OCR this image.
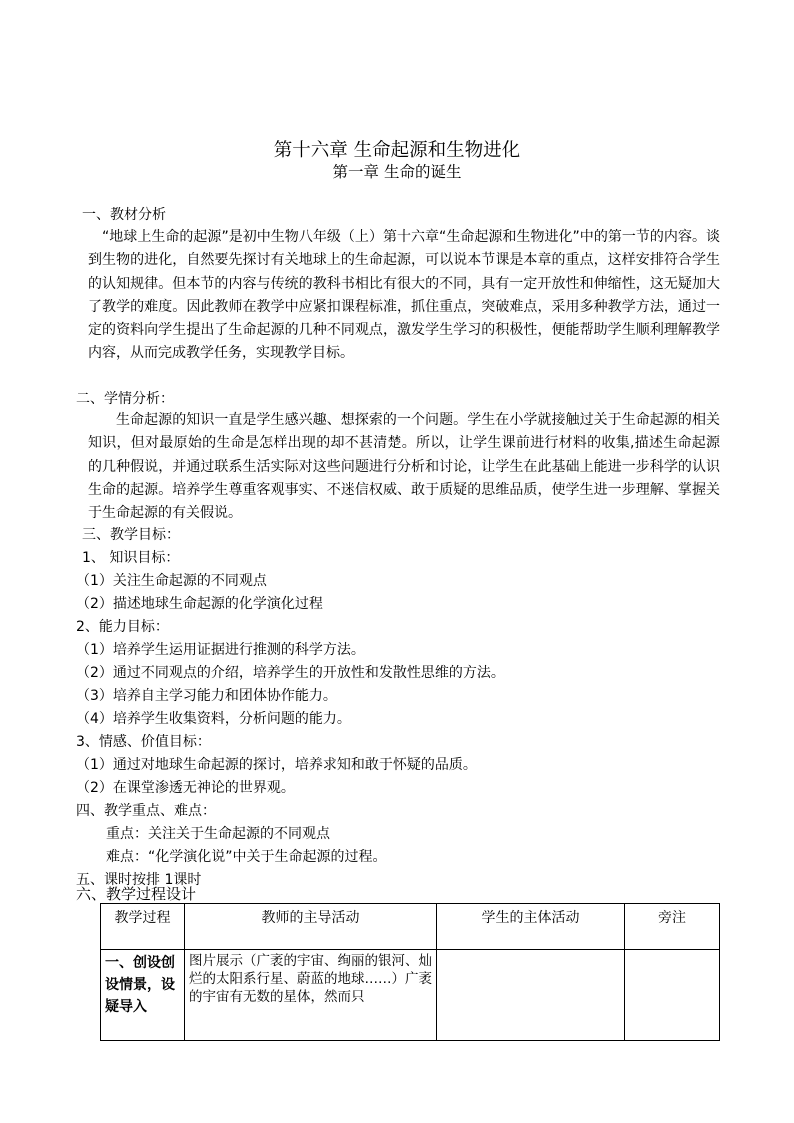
第十六章 生命起源和生物进化
第一章 生命的诞生
一、教材分析
“地球上生命的起源”是初中生物八年级（上）第十六章“生命起源和生物进化”中的第一节的内容。谈到生物的进化，自然要先探讨有关地球上的生命起源，可以说本节课是本章的重点，这样安排符合学生的认知规律。但本节的内容与传统的教科书相比有很大的不同，具有一定开放性和伸缩性，这无疑加大了教学的难度。因此教师在教学中应紧扣课程标准，抓住重点，突破难点，采用多种教学方法，通过一定的资料向学生提出了生命起源的几种不同观点，激发学生学习的积极性，便能帮助学生顺利理解教学内容，从而完成教学任务，实现教学目标。
二、学情分析：
生命起源的知识一直是学生感兴趣、想探索的一个问题。学生在小学就接触过关于生命起源的相关知识，但对最原始的生命是怎样出现的却不甚清楚。所以，让学生课前进行材料的收集,描述生命起源的几种假说，并通过联系生活实际对这些问题进行分析和讨论，让学生在此基础上能进一步科学的认识生命的起源。培养学生尊重客观事实、不迷信权威、敢于质疑的思维品质，使学生进一步理解、掌握关于生命起源的有关假说。
三、教学目标：
1、 知识目标：
（1）关注生命起源的不同观点
（2）描述地球生命起源的化学演化过程
2、能力目标：
（1）培养学生运用证据进行推测的科学方法。
（2）通过不同观点的介绍，培养学生的开放性和发散性思维的方法。
（3）培养自主学习能力和团体协作能力。
（4）培养学生收集资料，分析问题的能力。
3、情感、价值目标：
（1）通过对地球生命起源的探讨，培养求知和敢于怀疑的品质。
（2）在课堂渗透无神论的世界观。
四、教学重点、难点：
重点：关注关于生命起源的不同观点
难点：“化学演化说”中关于生命起源的过程。
五、课时按排 1课时
六、教学过程设计
教学过程	教师的主导活动	学生的主体活动	旁注
一、创设创设情景，设疑导入	图片展示（广袤的宇宙、绚丽的银河、灿烂的太阳系行星、蔚蓝的地球……）广袤的宇宙有无数的星体，然而只		
